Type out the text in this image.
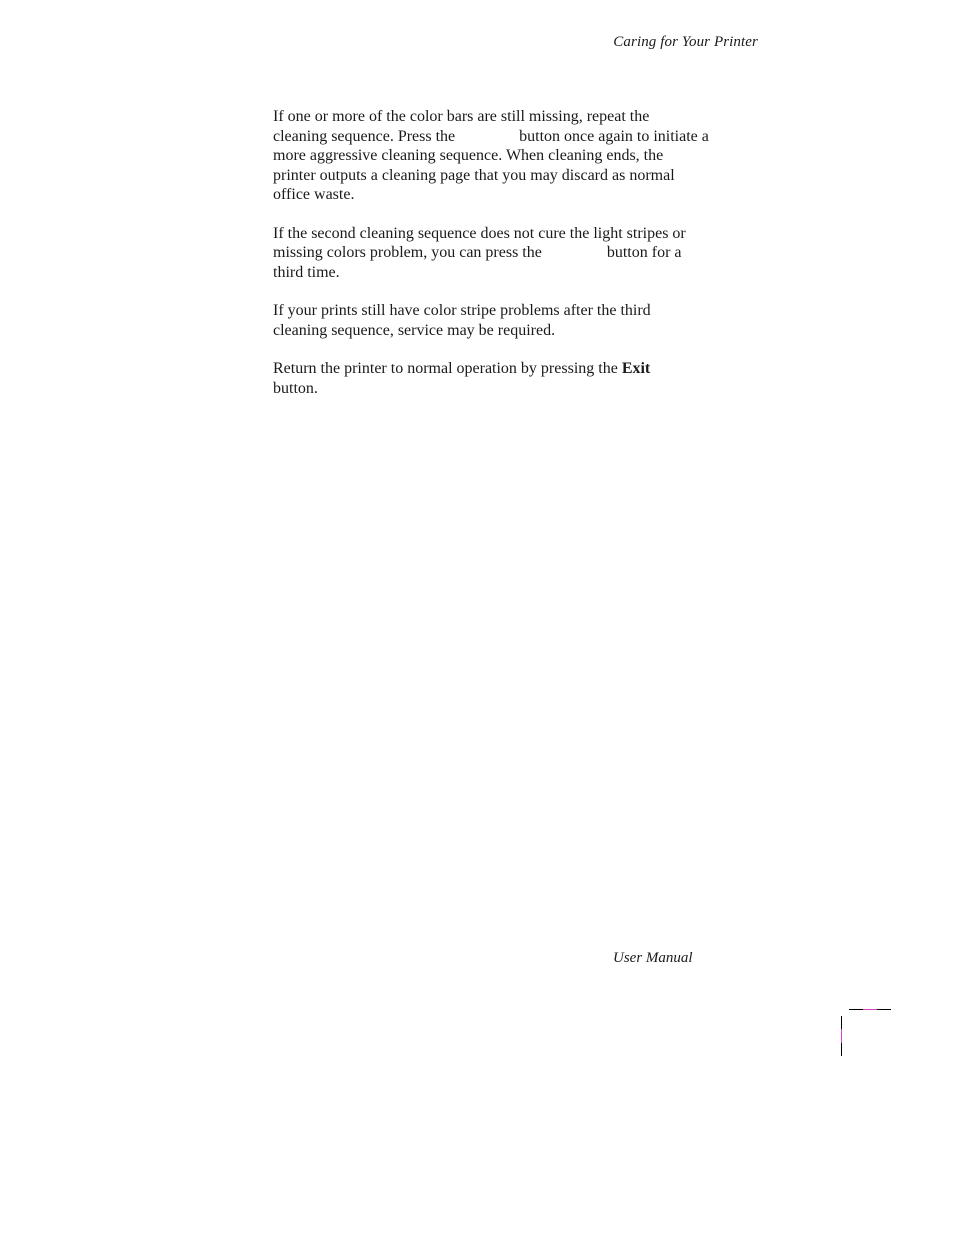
Caring for Your Printer

If one or more of the color bars are still missing, repeat the
cleaning sequence. Press the	button once again to initiate a
more aggressive cleaning sequence. When cleaning ends, the
printer outputs a cleaning page that you may discard as normal
office waste.

If the second cleaning sequence does not cure the light stripes or
missing colors problem, you can press the	button for a
third time.

If your prints still have color stripe problems after the third
cleaning sequence, service may be required.

Return the printer to normal operation by pressing the Exit
button.

User Manual
